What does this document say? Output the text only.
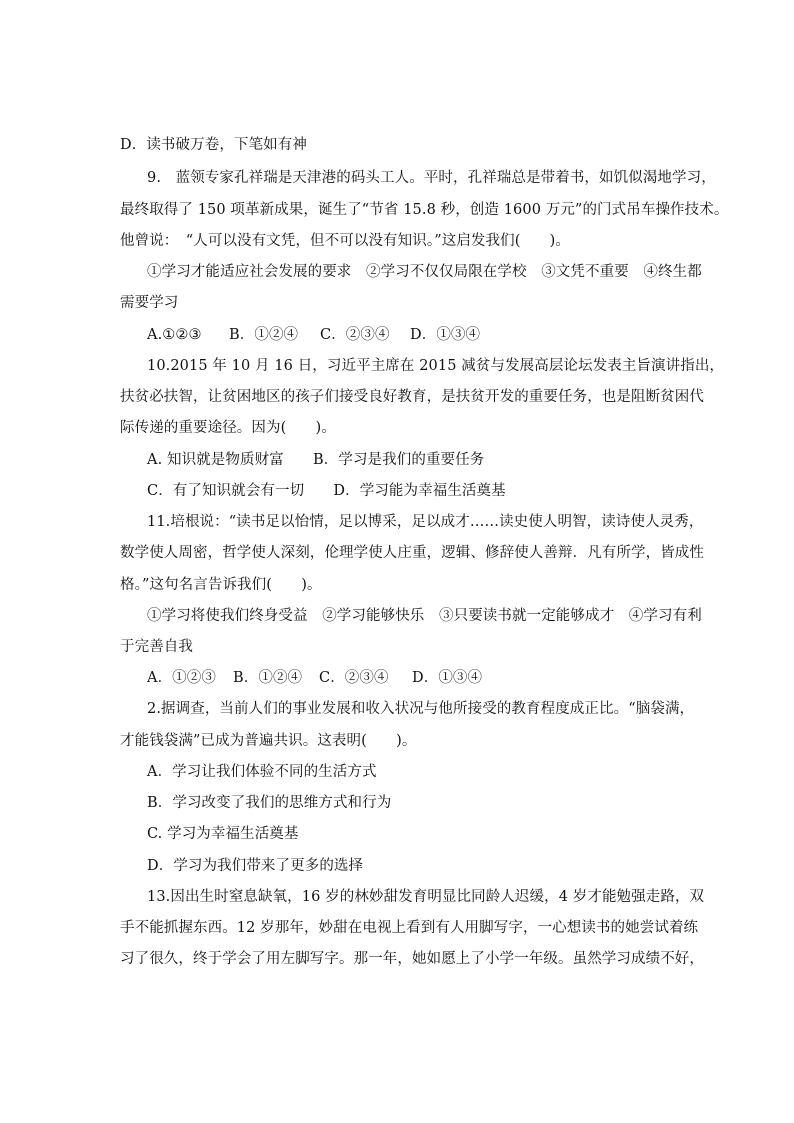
D．读书破万卷，下笔如有神
9.　蓝领专家孔祥瑞是天津港的码头工人。平时，孔祥瑞总是带着书，如饥似渴地学习，
最终取得了 150 项革新成果，诞生了“节省 15.8 秒，创造 1600 万元”的门式吊车操作技术。
他曾说：　“人可以没有文凭，但不可以没有知识。”这启发我们(　　)。
①学习才能适应社会发展的要求　②学习不仅仅局限在学校　③文凭不重要　④终生都
需要学习
A.①②③ B．①②④ C．②③④ D．①③④
10.2015 年 10 月 16 日，习近平主席在 2015 减贫与发展高层论坛发表主旨演讲指出，
扶贫必扶智，让贫困地区的孩子们接受良好教育，是扶贫开发的重要任务，也是阻断贫困代
际传递的重要途径。因为(　　)。
A. 知识就是物质财富　　B．学习是我们的重要任务
C．有了知识就会有一切　　D．学习能为幸福生活奠基
11.培根说：“读书足以怡情，足以博采，足以成才……读史使人明智，读诗使人灵秀，
数学使人周密，哲学使人深刻，伦理学使人庄重，逻辑、修辞使人善辩．凡有所学，皆成性
格。”这句名言告诉我们(　　)。
①学习将使我们终身受益　②学习能够快乐　③只要读书就一定能够成才　④学习有利
于完善自我
A．①②③ B．①②④ C．②③④ D．①③④
2.据调查，当前人们的事业发展和收入状况与他所接受的教育程度成正比。“脑袋满，
才能钱袋满”已成为普遍共识。这表明(　　)。
A．学习让我们体验不同的生活方式
B．学习改变了我们的思维方式和行为
C. 学习为幸福生活奠基
D．学习为我们带来了更多的选择
13.因出生时窒息缺氧，16 岁的林妙甜发育明显比同龄人迟缓，4 岁才能勉强走路，双
手不能抓握东西。12 岁那年，妙甜在电视上看到有人用脚写字，一心想读书的她尝试着练
习了很久，终于学会了用左脚写字。那一年，她如愿上了小学一年级。虽然学习成绩不好，
